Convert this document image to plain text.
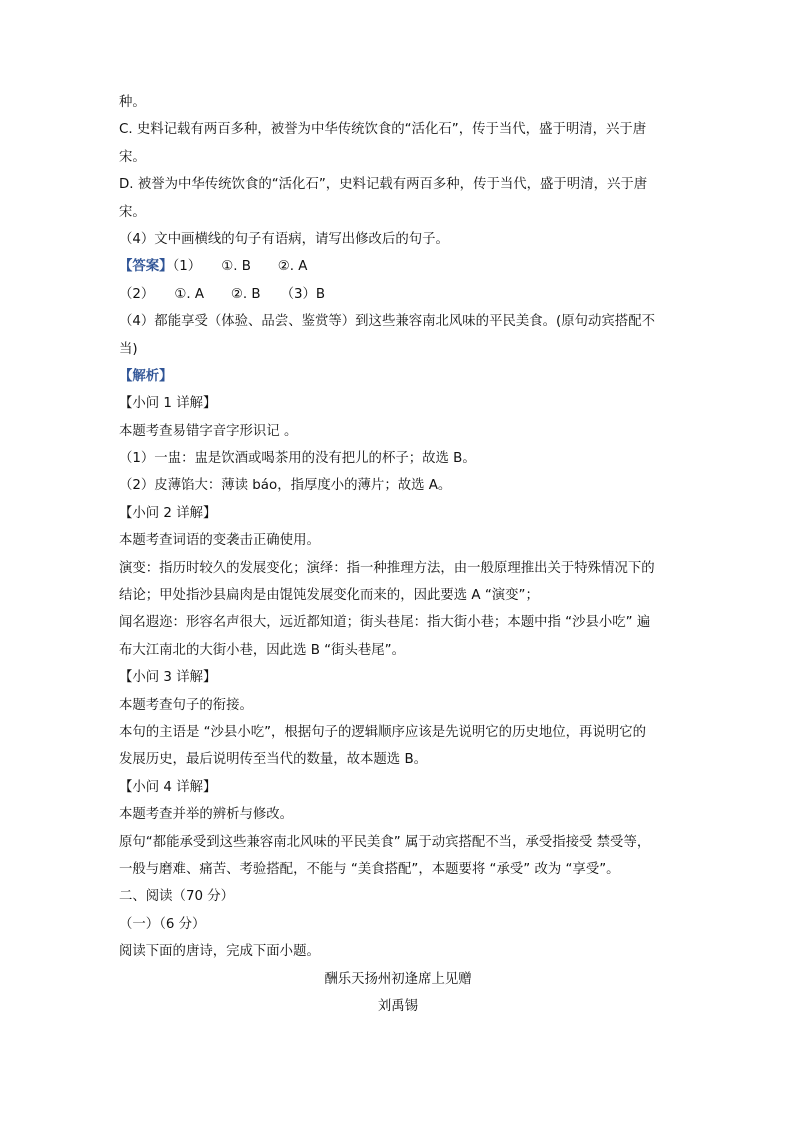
种。
C. 史料记载有两百多种，被誉为中华传统饮食的“活化石”，传于当代，盛于明清，兴于唐
宋。
D. 被誉为中华传统饮食的“活化石”，史料记载有两百多种，传于当代，盛于明清，兴于唐
宋。
（4）文中画横线的句子有语病，请写出修改后的句子。
【答案】（1）　　①. B　　②. A
（2）　　①. A　　②. B　　（3）B
（4）都能享受（体验、品尝、鉴赏等）到这些兼容南北风味的平民美食。(原句动宾搭配不
当)
【解析】
【小问 1 详解】
本题考查易错字音字形识记 。
（1）一盅：盅是饮酒或喝茶用的没有把儿的杯子；故选 B。
（2）皮薄馅大：薄读 báo，指厚度小的薄片；故选 A。
【小问 2 详解】
本题考查词语的变袭击正确使用。
演变：指历时较久的发展变化；演绎：指一种推理方法，由一般原理推出关于特殊情况下的
结论；甲处指沙县扁肉是由馄饨发展变化而来的，因此要选 A “演变”；
闻名遐迩：形容名声很大，远近都知道；街头巷尾：指大街小巷；本题中指 “沙县小吃” 遍
布大江南北的大街小巷，因此选 B “街头巷尾”。
【小问 3 详解】
本题考查句子的衔接。
本句的主语是 “沙县小吃”，根据句子的逻辑顺序应该是先说明它的历史地位，再说明它的
发展历史，最后说明传至当代的数量，故本题选 B。
【小问 4 详解】
本题考查并举的辨析与修改。
原句“都能承受到这些兼容南北风味的平民美食” 属于动宾搭配不当，承受指接受 禁受等，
一般与磨难、痛苦、考验搭配，不能与 “美食搭配”，本题要将 “承受” 改为 “享受”。
二、阅读（70 分）
（一）（6 分）
阅读下面的唐诗，完成下面小题。
酬乐天扬州初逢席上见赠
刘禹锡
